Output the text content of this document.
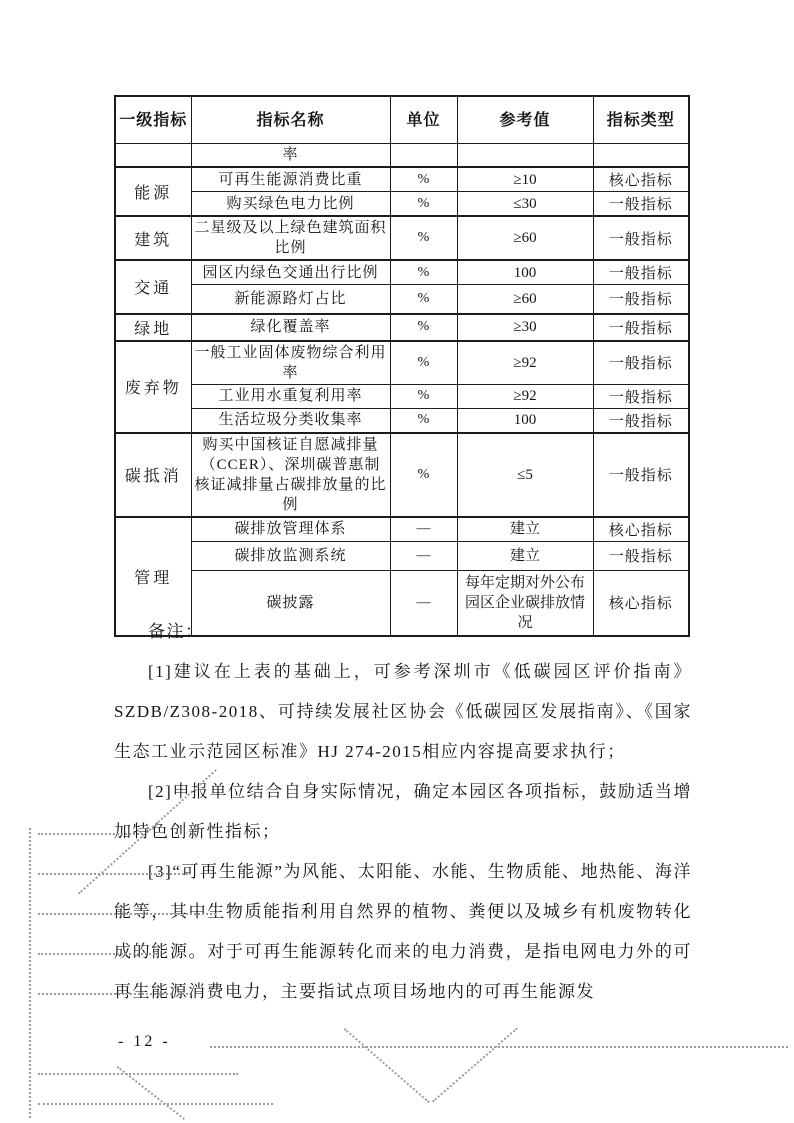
一级指标	指标名称	单位	参考值	指标类型
	率			
能源	可再生能源消费比重	%	≥10	核心指标
	购买绿色电力比例	%	≤30	一般指标
建筑	二星级及以上绿色建筑面积比例	%	≥60	一般指标
交通	园区内绿色交通出行比例	%	100	一般指标
	新能源路灯占比	%	≥60	一般指标
绿地	绿化覆盖率	%	≥30	一般指标
废弃物	一般工业固体废物综合利用率	%	≥92	一般指标
	工业用水重复利用率	%	≥92	一般指标
	生活垃圾分类收集率	%	100	一般指标
碳抵消	购买中国核证自愿减排量（CCER）、深圳碳普惠制核证减排量占碳排放量的比例	%	≤5	一般指标
管理	碳排放管理体系	—	建立	核心指标
	碳排放监测系统	—	建立	一般指标
	碳披露	—	每年定期对外公布园区企业碳排放情况	核心指标

备注：

[1]建议在上表的基础上，可参考深圳市《低碳园区评价指南》SZDB/Z308-2018、可持续发展社区协会《低碳园区发展指南》、《国家生态工业示范园区标准》HJ 274-2015相应内容提高要求执行；

[2]申报单位结合自身实际情况，确定本园区各项指标，鼓励适当增加特色创新性指标；

[3]“可再生能源”为风能、太阳能、水能、生物质能、地热能、海洋能等，其中生物质能指利用自然界的植物、粪便以及城乡有机废物转化成的能源。对于可再生能源转化而来的电力消费，是指电网电力外的可再生能源消费电力，主要指试点项目场地内的可再生能源发

- 12 -
